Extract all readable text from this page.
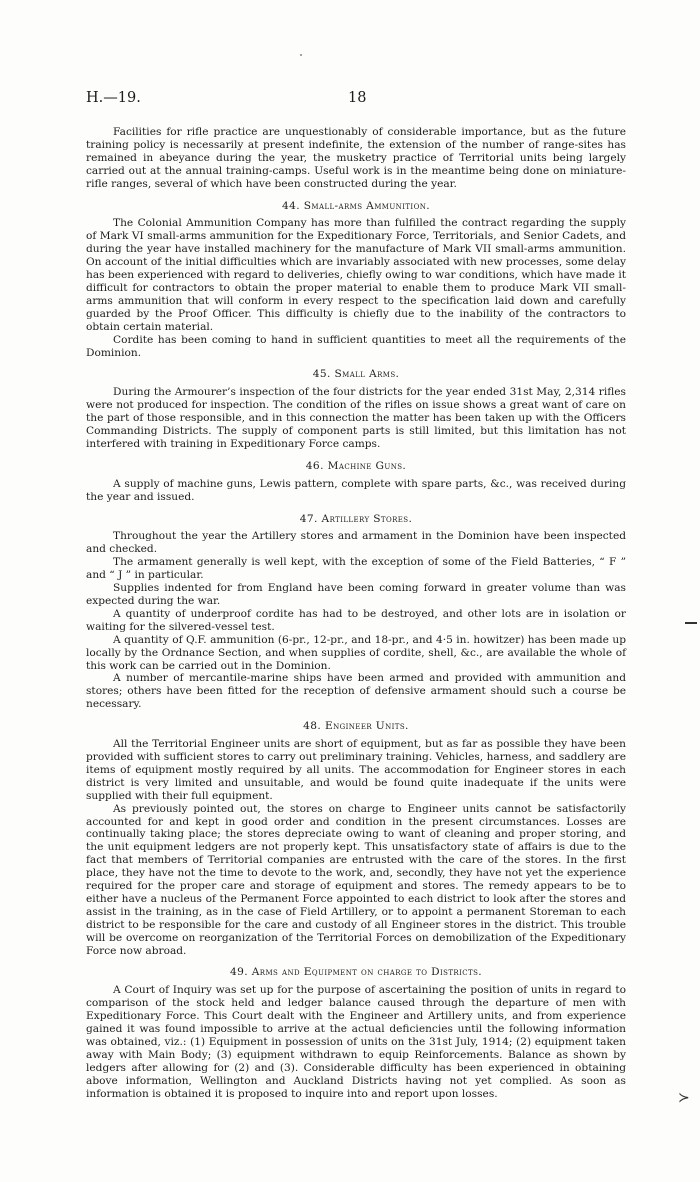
H.—19.	18

Facilities for rifle practice are unquestionably of considerable importance, but as the future training policy is necessarily at present indefinite, the extension of the number of range-sites has remained in abeyance during the year, the musketry practice of Territorial units being largely carried out at the annual training-camps. Useful work is in the meantime being done on miniature-rifle ranges, several of which have been constructed during the year.

44. Small-arms Ammunition.

The Colonial Ammunition Company has more than fulfilled the contract regarding the supply of Mark VI small-arms ammunition for the Expeditionary Force, Territorials, and Senior Cadets, and during the year have installed machinery for the manufacture of Mark VII small-arms ammunition. On account of the initial difficulties which are invariably associated with new processes, some delay has been experienced with regard to deliveries, chiefly owing to war conditions, which have made it difficult for contractors to obtain the proper material to enable them to produce Mark VII small-arms ammunition that will conform in every respect to the specification laid down and carefully guarded by the Proof Officer. This difficulty is chiefly due to the inability of the contractors to obtain certain material.

Cordite has been coming to hand in sufficient quantities to meet all the requirements of the Dominion.

45. Small Arms.

During the Armourer’s inspection of the four districts for the year ended 31st May, 2,314 rifles were not produced for inspection. The condition of the rifles on issue shows a great want of care on the part of those responsible, and in this connection the matter has been taken up with the Officers Commanding Districts. The supply of component parts is still limited, but this limitation has not interfered with training in Expeditionary Force camps.

46. Machine Guns.

A supply of machine guns, Lewis pattern, complete with spare parts, &c., was received during the year and issued.

47. Artillery Stores.

Throughout the year the Artillery stores and armament in the Dominion have been inspected and checked.

The armament generally is well kept, with the exception of some of the Field Batteries, “ F ” and “ J ” in particular.

Supplies indented for from England have been coming forward in greater volume than was expected during the war.

A quantity of underproof cordite has had to be destroyed, and other lots are in isolation or waiting for the silvered-vessel test.

A quantity of Q.F. ammunition (6-pr., 12-pr., and 18-pr., and 4·5 in. howitzer) has been made up locally by the Ordnance Section, and when supplies of cordite, shell, &c., are available the whole of this work can be carried out in the Dominion.

A number of mercantile-marine ships have been armed and provided with ammunition and stores; others have been fitted for the reception of defensive armament should such a course be necessary.

48. Engineer Units.

All the Territorial Engineer units are short of equipment, but as far as possible they have been provided with sufficient stores to carry out preliminary training. Vehicles, harness, and saddlery are items of equipment mostly required by all units. The accommodation for Engineer stores in each district is very limited and unsuitable, and would be found quite inadequate if the units were supplied with their full equipment.

As previously pointed out, the stores on charge to Engineer units cannot be satisfactorily accounted for and kept in good order and condition in the present circumstances. Losses are continually taking place; the stores depreciate owing to want of cleaning and proper storing, and the unit equipment ledgers are not properly kept. This unsatisfactory state of affairs is due to the fact that members of Territorial companies are entrusted with the care of the stores. In the first place, they have not the time to devote to the work, and, secondly, they have not yet the experience required for the proper care and storage of equipment and stores. The remedy appears to be to either have a nucleus of the Permanent Force appointed to each district to look after the stores and assist in the training, as in the case of Field Artillery, or to appoint a permanent Storeman to each district to be responsible for the care and custody of all Engineer stores in the district. This trouble will be overcome on reorganization of the Territorial Forces on demobilization of the Expeditionary Force now abroad.

49. Arms and Equipment on charge to Districts.

A Court of Inquiry was set up for the purpose of ascertaining the position of units in regard to comparison of the stock held and ledger balance caused through the departure of men with Expeditionary Force. This Court dealt with the Engineer and Artillery units, and from experience gained it was found impossible to arrive at the actual deficiencies until the following information was obtained, viz.: (1) Equipment in possession of units on the 31st July, 1914; (2) equipment taken away with Main Body; (3) equipment withdrawn to equip Reinforcements. Balance as shown by ledgers after allowing for (2) and (3). Considerable difficulty has been experienced in obtaining above information, Wellington and Auckland Districts having not yet complied. As soon as information is obtained it is proposed to inquire into and report upon losses.	≻
